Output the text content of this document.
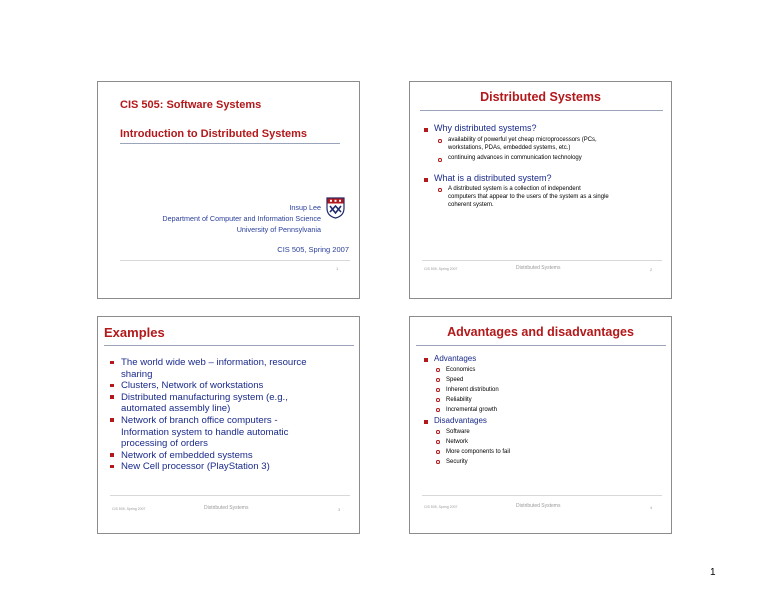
CIS 505: Software Systems
Introduction to Distributed Systems
Insup Lee
Department of Computer and Information Science
University of Pennsylvania
CIS 505, Spring 2007
1
Distributed Systems
Why distributed systems?
availability of powerful yet cheap microprocessors (PCs,
workstations, PDAs, embedded systems, etc.)
continuing advances in communication technology
What is a distributed system?
A distributed system is a collection of independent
computers that appear to the users of the system as a single
coherent system.
CIS 505, Spring 2007	Distributed Systems	2
Examples
The world wide web – information, resource
sharing
Clusters, Network of workstations
Distributed manufacturing system (e.g.,
automated assembly line)
Network of branch office computers -
Information system to handle automatic
processing of orders
Network of embedded systems
New Cell processor (PlayStation 3)
CIS 505, Spring 2007	Distributed Systems	3
Advantages and disadvantages
Advantages
Economics
Speed
Inherent distribution
Reliability
Incremental growth
Disadvantages
Software
Network
More components to fail
Security
CIS 505, Spring 2007	Distributed Systems	4
1
